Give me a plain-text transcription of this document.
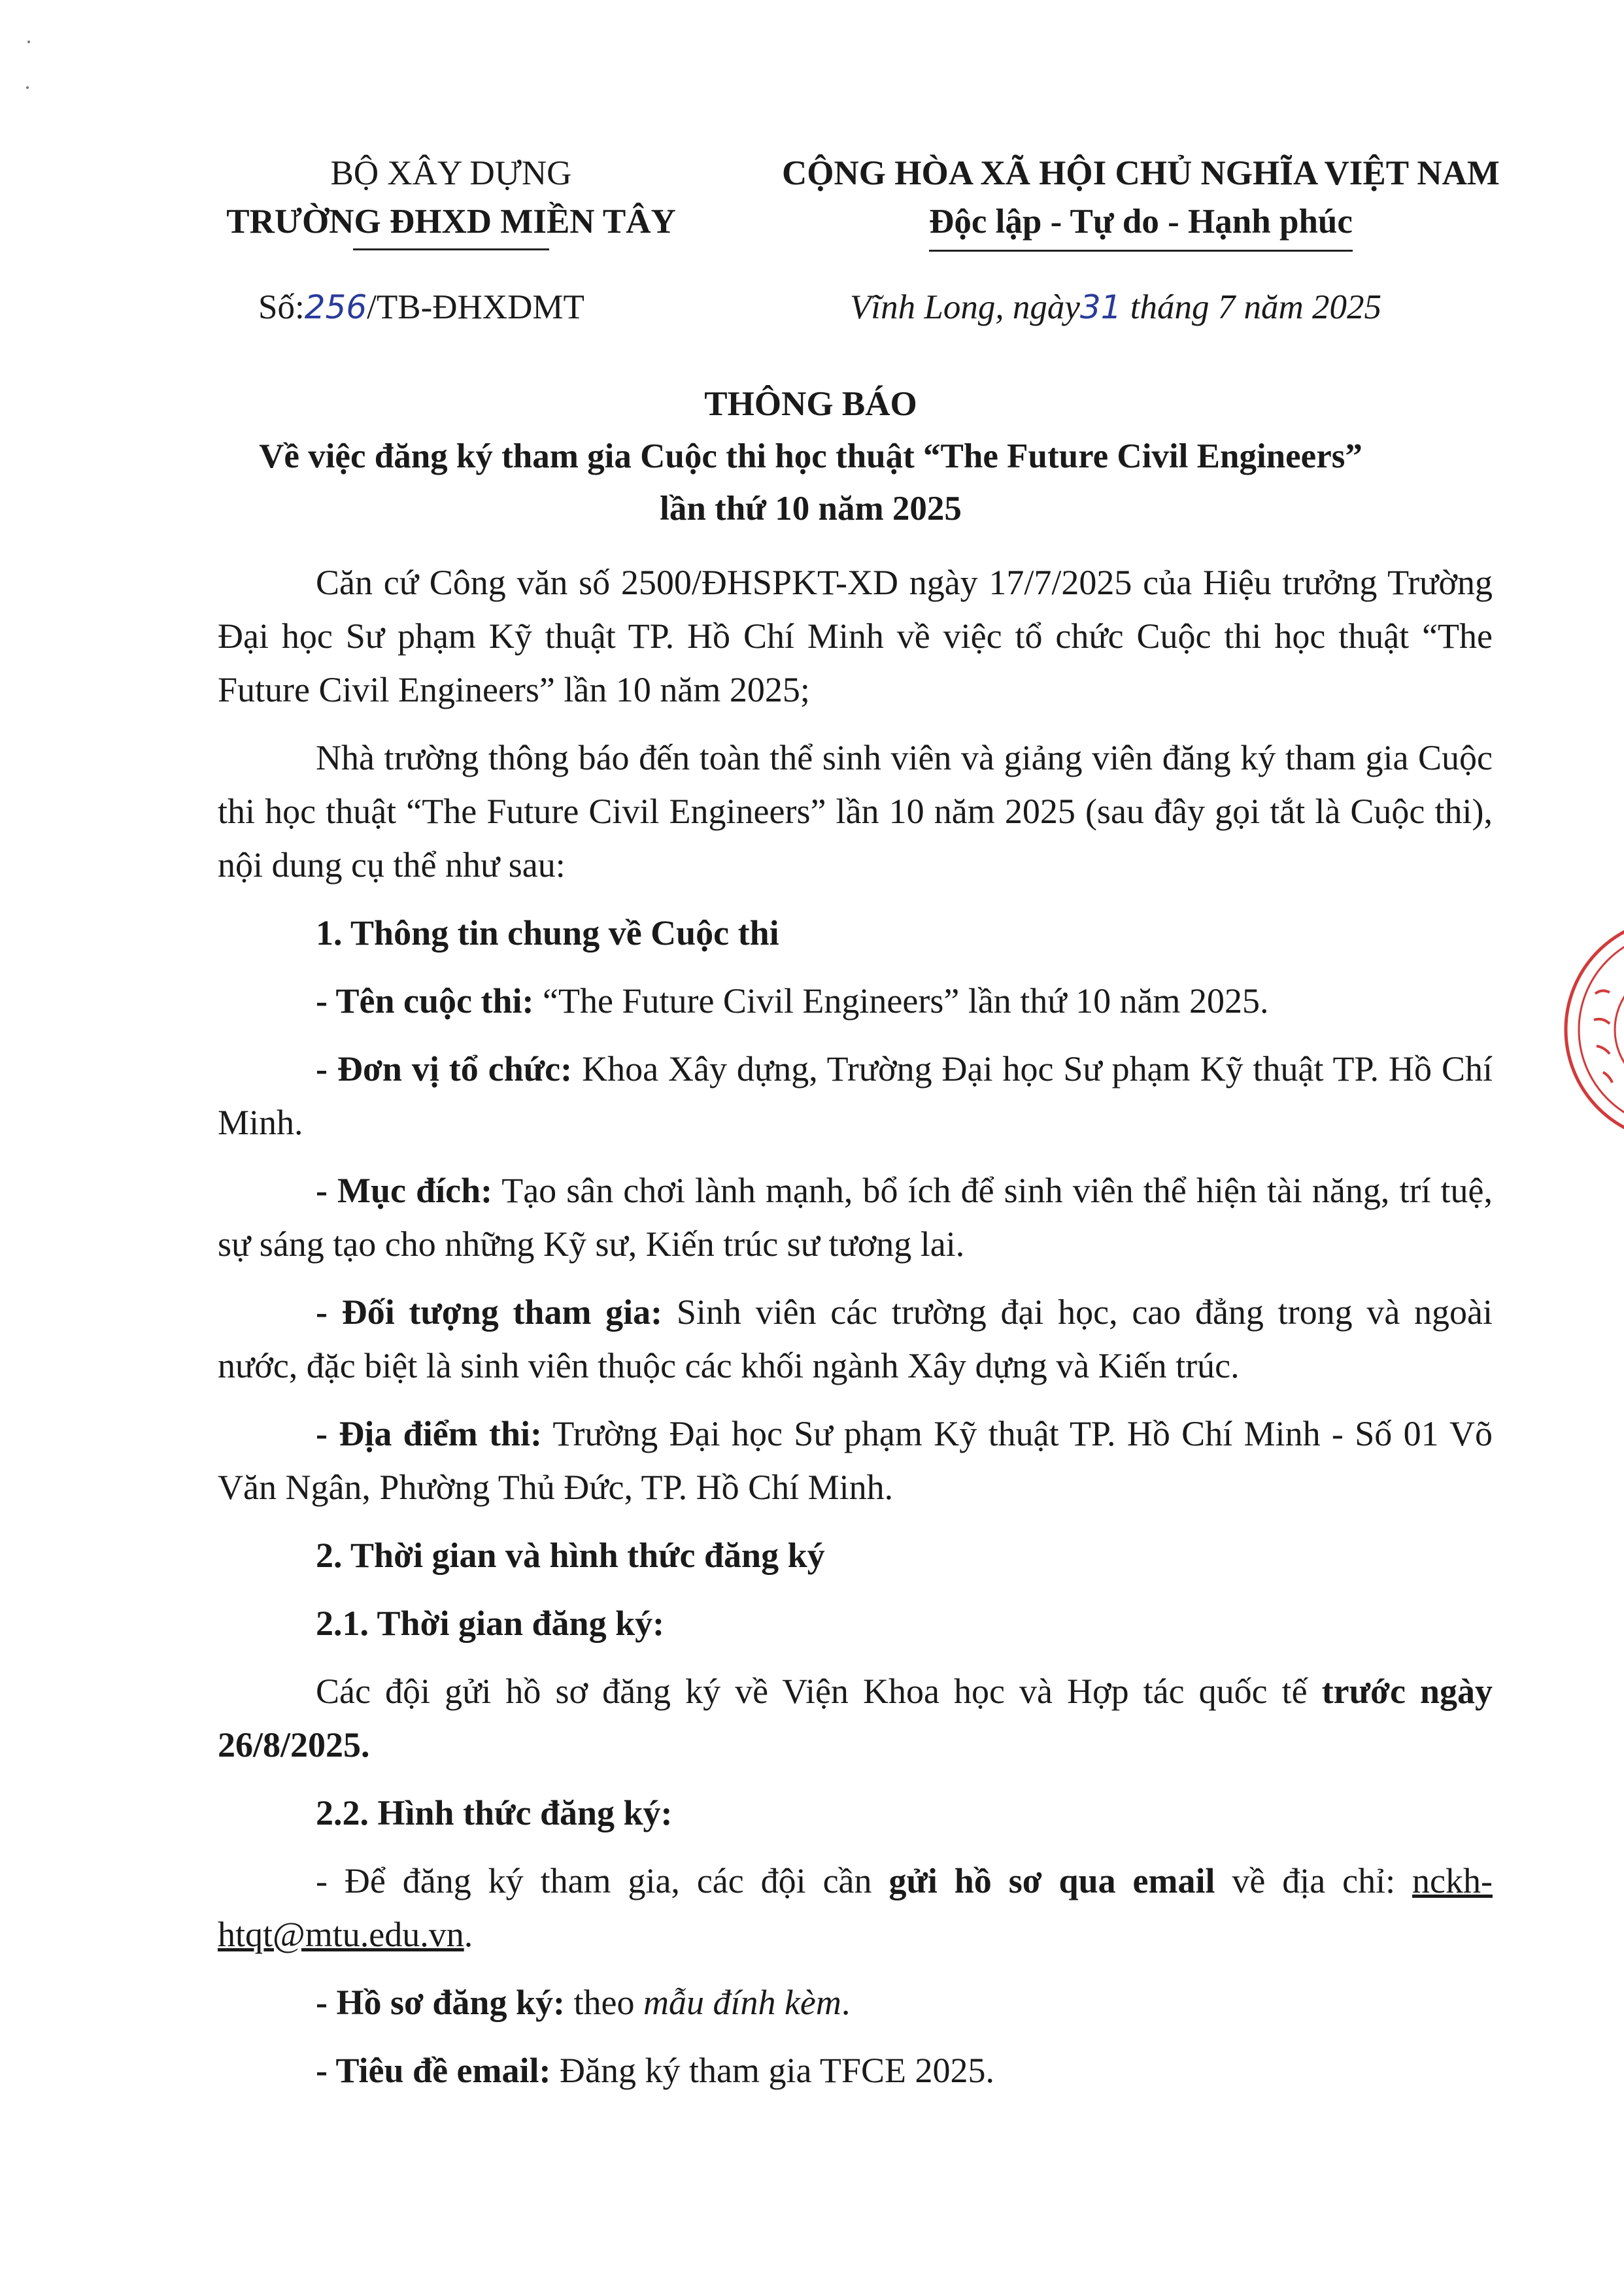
BỘ XÂY DỰNG
TRƯỜNG ĐHXD MIỀN TÂY
CỘNG HÒA XÃ HỘI CHỦ NGHĨA VIỆT NAM
Độc lập - Tự do - Hạnh phúc
Số:256/TB-ĐHXDMT	Vĩnh Long, ngày31 tháng 7 năm 2025
THÔNG BÁO
Về việc đăng ký tham gia Cuộc thi học thuật “The Future Civil Engineers”
lần thứ 10 năm 2025

Căn cứ Công văn số 2500/ĐHSPKT-XD ngày 17/7/2025 của Hiệu trưởng Trường Đại học Sư phạm Kỹ thuật TP. Hồ Chí Minh về việc tổ chức Cuộc thi học thuật “The Future Civil Engineers” lần 10 năm 2025;

Nhà trường thông báo đến toàn thể sinh viên và giảng viên đăng ký tham gia Cuộc thi học thuật “The Future Civil Engineers” lần 10 năm 2025 (sau đây gọi tắt là Cuộc thi), nội dung cụ thể như sau:

1. Thông tin chung về Cuộc thi

- Tên cuộc thi: “The Future Civil Engineers” lần thứ 10 năm 2025.

- Đơn vị tổ chức: Khoa Xây dựng, Trường Đại học Sư phạm Kỹ thuật TP. Hồ Chí Minh.

- Mục đích: Tạo sân chơi lành mạnh, bổ ích để sinh viên thể hiện tài năng, trí tuệ, sự sáng tạo cho những Kỹ sư, Kiến trúc sư tương lai.

- Đối tượng tham gia: Sinh viên các trường đại học, cao đẳng trong và ngoài nước, đặc biệt là sinh viên thuộc các khối ngành Xây dựng và Kiến trúc.

- Địa điểm thi: Trường Đại học Sư phạm Kỹ thuật TP. Hồ Chí Minh - Số 01 Võ Văn Ngân, Phường Thủ Đức, TP. Hồ Chí Minh.

2. Thời gian và hình thức đăng ký

2.1. Thời gian đăng ký:

Các đội gửi hồ sơ đăng ký về Viện Khoa học và Hợp tác quốc tế trước ngày 26/8/2025.

2.2. Hình thức đăng ký:

- Để đăng ký tham gia, các đội cần gửi hồ sơ qua email về địa chỉ: nckh-htqt@mtu.edu.vn.

- Hồ sơ đăng ký: theo mẫu đính kèm.

- Tiêu đề email: Đăng ký tham gia TFCE 2025.
